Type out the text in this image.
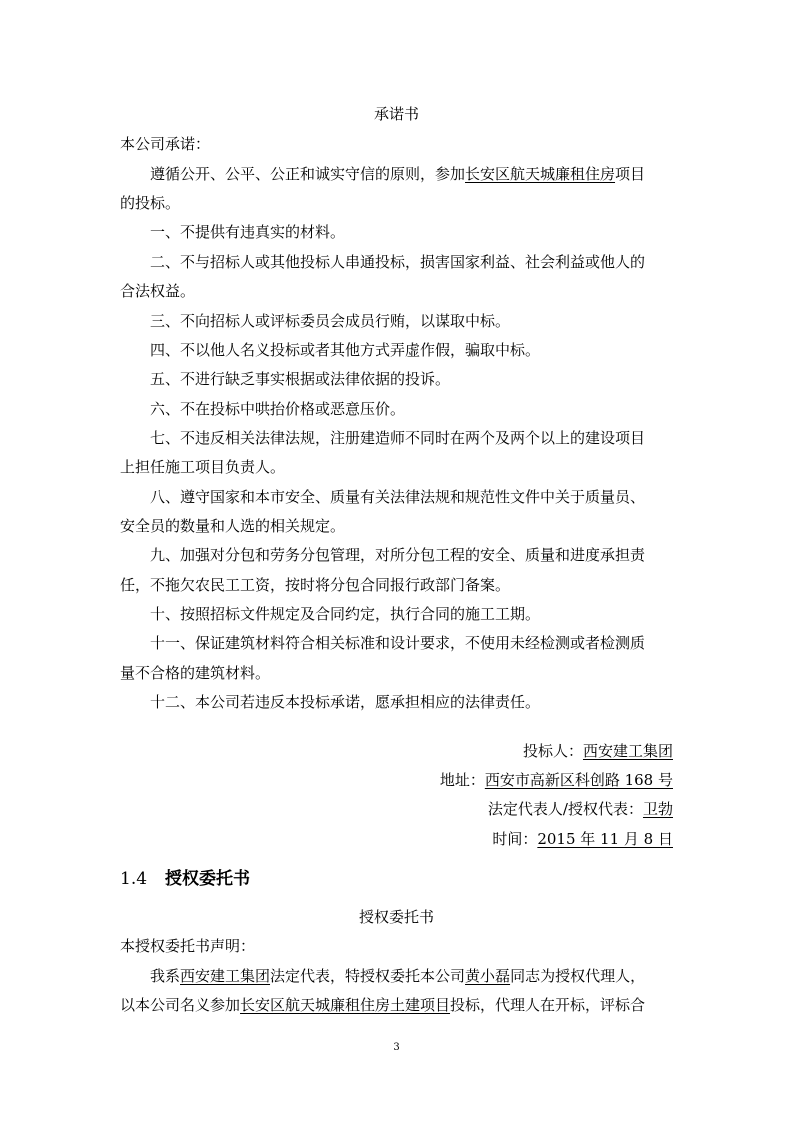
承诺书
本公司承诺：
遵循公开、公平、公正和诚实守信的原则，参加长安区航天城廉租住房项目
的投标。
一、不提供有违真实的材料。
二、不与招标人或其他投标人串通投标，损害国家利益、社会利益或他人的
合法权益。
三、不向招标人或评标委员会成员行贿，以谋取中标。
四、不以他人名义投标或者其他方式弄虚作假，骗取中标。
五、不进行缺乏事实根据或法律依据的投诉。
六、不在投标中哄抬价格或恶意压价。
七、不违反相关法律法规，注册建造师不同时在两个及两个以上的建设项目
上担任施工项目负责人。
八、遵守国家和本市安全、质量有关法律法规和规范性文件中关于质量员、
安全员的数量和人选的相关规定。
九、加强对分包和劳务分包管理，对所分包工程的安全、质量和进度承担责
任，不拖欠农民工工资，按时将分包合同报行政部门备案。
十、按照招标文件规定及合同约定，执行合同的施工工期。
十一、保证建筑材料符合相关标准和设计要求，不使用未经检测或者检测质
量不合格的建筑材料。
十二、本公司若违反本投标承诺，愿承担相应的法律责任。
投标人：西安建工集团
地址：西安市高新区科创路 168 号
法定代表人/授权代表：卫勃
时间：2015 年 11 月 8 日
1.4 授权委托书
授权委托书
本授权委托书声明：
我系西安建工集团法定代表，特授权委托本公司黄小磊同志为授权代理人，
以本公司名义参加长安区航天城廉租住房土建项目投标，代理人在开标，评标合
3
